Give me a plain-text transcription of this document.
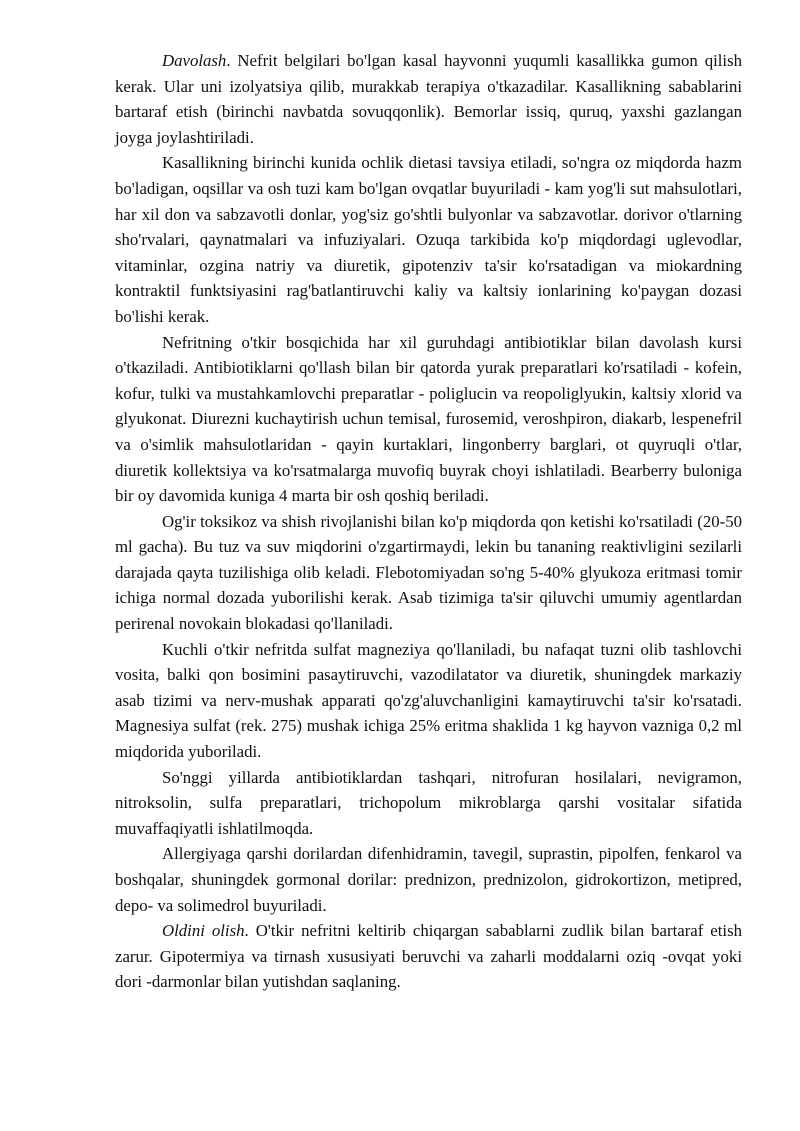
Davolash. Nefrit belgilari bo'lgan kasal hayvonni yuqumli kasallikka gumon qilish kerak. Ular uni izolyatsiya qilib, murakkab terapiya o'tkazadilar. Kasallikning sabablarini bartaraf etish (birinchi navbatda sovuqqonlik). Bemorlar issiq, quruq, yaxshi gazlangan joyga joylashtiriladi.

Kasallikning birinchi kunida ochlik dietasi tavsiya etiladi, so'ngra oz miqdorda hazm bo'ladigan, oqsillar va osh tuzi kam bo'lgan ovqatlar buyuriladi - kam yog'li sut mahsulotlari, har xil don va sabzavotli donlar, yog'siz go'shtli bulyonlar va sabzavotlar. dorivor o'tlarning sho'rvalari, qaynatmalari va infuziyalari. Ozuqa tarkibida ko'p miqdordagi uglevodlar, vitaminlar, ozgina natriy va diuretik, gipotenziv ta'sir ko'rsatadigan va miokardning kontraktil funktsiyasini rag'batlantiruvchi kaliy va kaltsiy ionlarining ko'paygan dozasi bo'lishi kerak.

Nefritning o'tkir bosqichida har xil guruhdagi antibiotiklar bilan davolash kursi o'tkaziladi. Antibiotiklarni qo'llash bilan bir qatorda yurak preparatlari ko'rsatiladi - kofein, kofur, tulki va mustahkamlovchi preparatlar - poliglucin va reopoliglyukin, kaltsiy xlorid va glyukonat. Diurezni kuchaytirish uchun temisal, furosemid, veroshpiron, diakarb, lespenefril va o'simlik mahsulotlaridan - qayin kurtaklari, lingonberry barglari, ot quyruqli o'tlar, diuretik kollektsiya va ko'rsatmalarga muvofiq buyrak choyi ishlatiladi. Bearberry buloniga bir oy davomida kuniga 4 marta bir osh qoshiq beriladi.

Og'ir toksikoz va shish rivojlanishi bilan ko'p miqdorda qon ketishi ko'rsatiladi (20-50 ml gacha). Bu tuz va suv miqdorini o'zgartirmaydi, lekin bu tananing reaktivligini sezilarli darajada qayta tuzilishiga olib keladi. Flebotomiyadan so'ng 5-40% glyukoza eritmasi tomir ichiga normal dozada yuborilishi kerak. Asab tizimiga ta'sir qiluvchi umumiy agentlardan perirenal novokain blokadasi qo'llaniladi.

Kuchli o'tkir nefritda sulfat magneziya qo'llaniladi, bu nafaqat tuzni olib tashlovchi vosita, balki qon bosimini pasaytiruvchi, vazodilatator va diuretik, shuningdek markaziy asab tizimi va nerv-mushak apparati qo'zg'aluvchanligini kamaytiruvchi ta'sir ko'rsatadi. Magnesiya sulfat (rek. 275) mushak ichiga 25% eritma shaklida 1 kg hayvon vazniga 0,2 ml miqdorida yuboriladi.

So'nggi yillarda antibiotiklardan tashqari, nitrofuran hosilalari, nevigramon, nitroksolin, sulfa preparatlari, trichopolum mikroblarga qarshi vositalar sifatida muvaffaqiyatli ishlatilmoqda.

Allergiyaga qarshi dorilardan difenhidramin, tavegil, suprastin, pipolfen, fenkarol va boshqalar, shuningdek gormonal dorilar: prednizon, prednizolon, gidrokortizon, metipred, depo- va solimedrol buyuriladi.

Oldini olish. O'tkir nefritni keltirib chiqargan sabablarni zudlik bilan bartaraf etish zarur. Gipotermiya va tirnash xususiyati beruvchi va zaharli moddalarni oziq -ovqat yoki dori -darmonlar bilan yutishdan saqlaning.
